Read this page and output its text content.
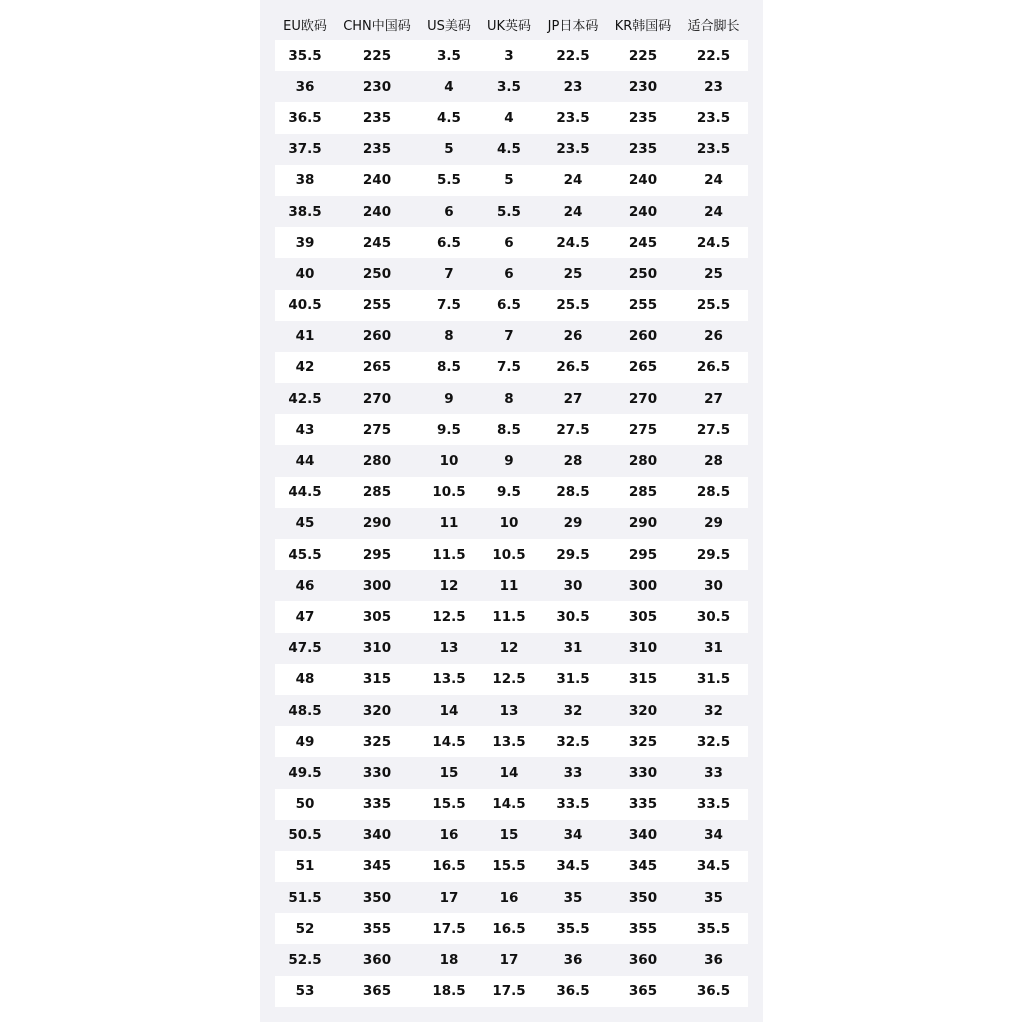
EU欧码	CHN中国码	US美码	UK英码	JP日本码	KR韩国码	适合脚长
35.5	225	3.5	3	22.5	225	22.5
36	230	4	3.5	23	230	23
36.5	235	4.5	4	23.5	235	23.5
37.5	235	5	4.5	23.5	235	23.5
38	240	5.5	5	24	240	24
38.5	240	6	5.5	24	240	24
39	245	6.5	6	24.5	245	24.5
40	250	7	6	25	250	25
40.5	255	7.5	6.5	25.5	255	25.5
41	260	8	7	26	260	26
42	265	8.5	7.5	26.5	265	26.5
42.5	270	9	8	27	270	27
43	275	9.5	8.5	27.5	275	27.5
44	280	10	9	28	280	28
44.5	285	10.5	9.5	28.5	285	28.5
45	290	11	10	29	290	29
45.5	295	11.5	10.5	29.5	295	29.5
46	300	12	11	30	300	30
47	305	12.5	11.5	30.5	305	30.5
47.5	310	13	12	31	310	31
48	315	13.5	12.5	31.5	315	31.5
48.5	320	14	13	32	320	32
49	325	14.5	13.5	32.5	325	32.5
49.5	330	15	14	33	330	33
50	335	15.5	14.5	33.5	335	33.5
50.5	340	16	15	34	340	34
51	345	16.5	15.5	34.5	345	34.5
51.5	350	17	16	35	350	35
52	355	17.5	16.5	35.5	355	35.5
52.5	360	18	17	36	360	36
53	365	18.5	17.5	36.5	365	36.5
